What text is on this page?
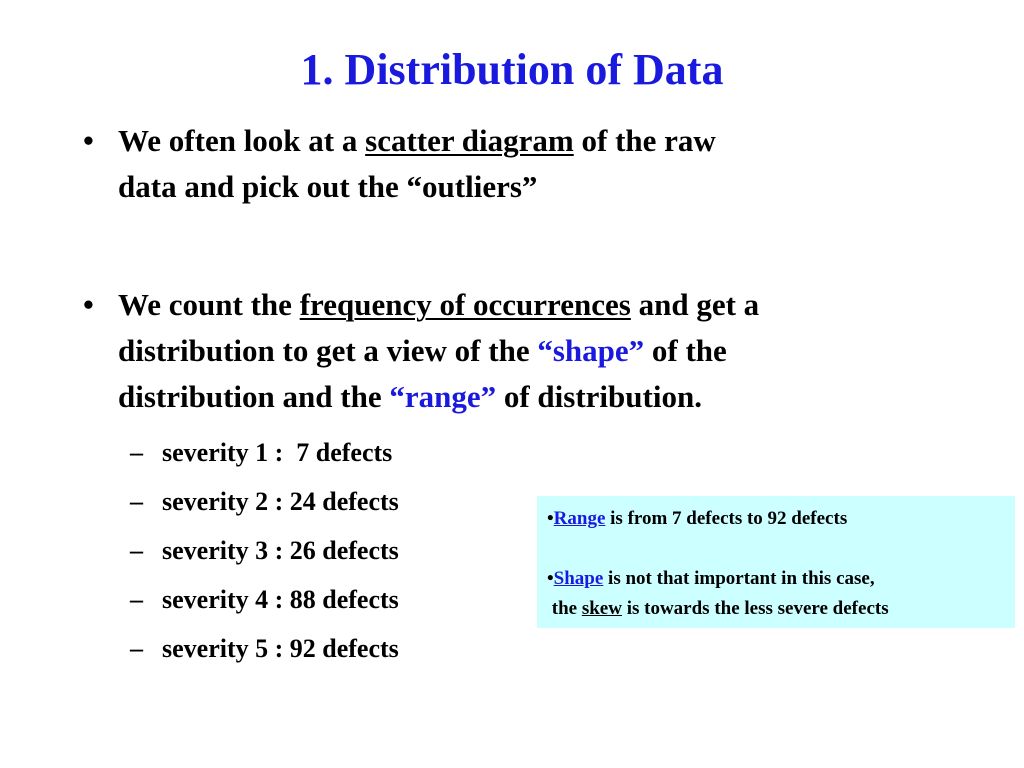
1. Distribution of Data
• We often look at a scatter diagram of the raw
data and pick out the “outliers”
• We count the frequency of occurrences and get a
distribution to get a view of the “shape” of the
distribution and the “range” of distribution.
– severity 1 :  7 defects
– severity 2 : 24 defects
– severity 3 : 26 defects
– severity 4 : 88 defects
– severity 5 : 92 defects
•Range is from 7 defects to 92 defects

•Shape is not that important in this case,
the skew is towards the less severe defects
